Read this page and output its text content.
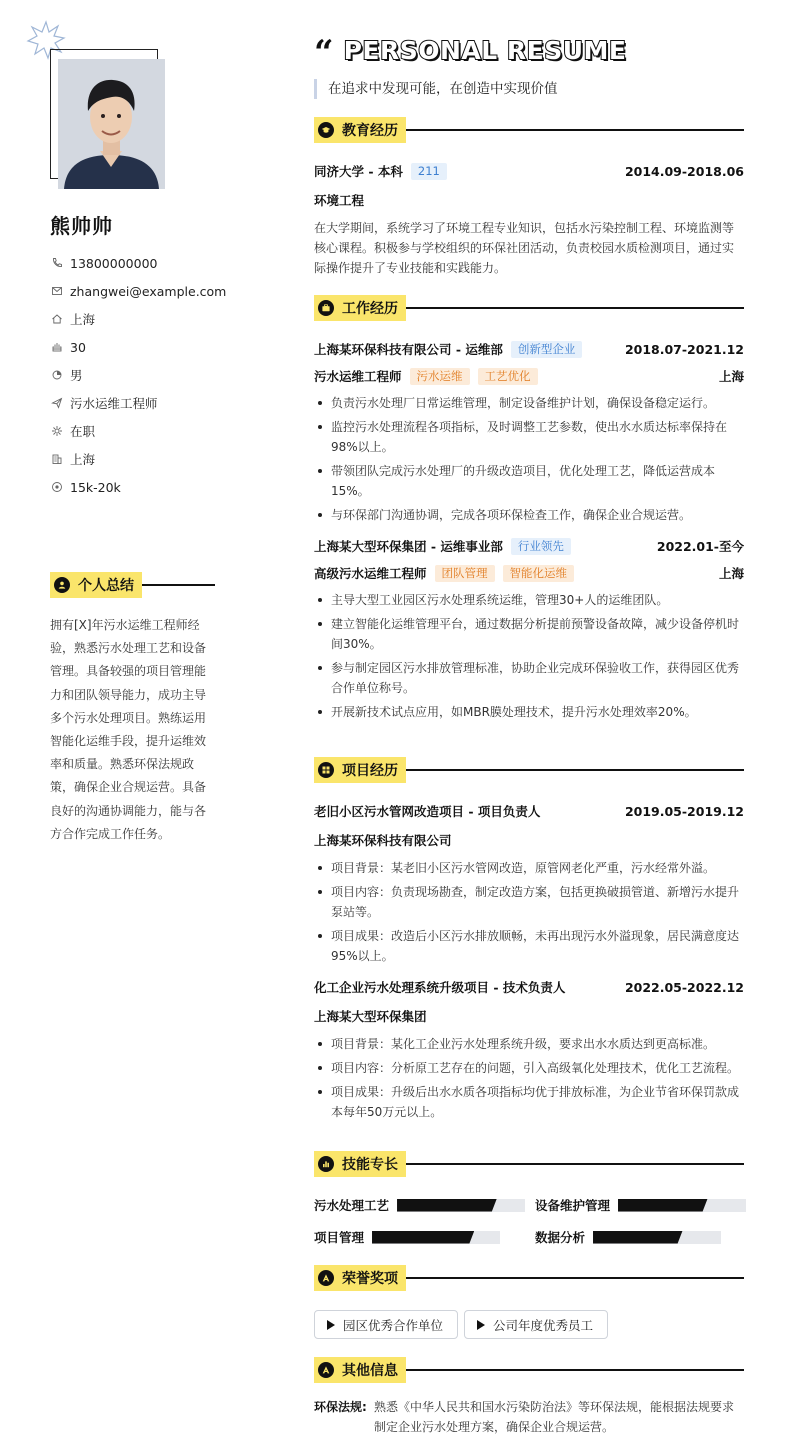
熊帅帅
13800000000
zhangwei@example.com
上海
30
男
污水运维工程师
在职
上海
15k-20k
个人总结
拥有[X]年污水运维工程师经验，熟悉污水处理工艺和设备管理。具备较强的项目管理能力和团队领导能力，成功主导多个污水处理项目。熟练运用智能化运维手段，提升运维效率和质量。熟悉环保法规政策，确保企业合规运营。具备良好的沟通协调能力，能与各方合作完成工作任务。
“ PERSONAL RESUME
在追求中发现可能，在创造中实现价值
教育经历
同济大学 - 本科	211	2014.09-2018.06
环境工程
在大学期间，系统学习了环境工程专业知识，包括水污染控制工程、环境监测等核心课程。积极参与学校组织的环保社团活动，负责校园水质检测项目，通过实际操作提升了专业技能和实践能力。
工作经历
上海某环保科技有限公司 - 运维部	创新型企业	2018.07-2021.12
污水运维工程师	污水运维	工艺优化	上海
负责污水处理厂日常运维管理，制定设备维护计划，确保设备稳定运行。
监控污水处理流程各项指标，及时调整工艺参数，使出水水质达标率保持在98%以上。
带领团队完成污水处理厂的升级改造项目，优化处理工艺，降低运营成本15%。
与环保部门沟通协调，完成各项环保检查工作，确保企业合规运营。
上海某大型环保集团 - 运维事业部	行业领先	2022.01-至今
高级污水运维工程师	团队管理	智能化运维	上海
主导大型工业园区污水处理系统运维，管理30+人的运维团队。
建立智能化运维管理平台，通过数据分析提前预警设备故障，减少设备停机时间30%。
参与制定园区污水排放管理标准，协助企业完成环保验收工作，获得园区优秀合作单位称号。
开展新技术试点应用，如MBR膜处理技术，提升污水处理效率20%。
项目经历
老旧小区污水管网改造项目 - 项目负责人	2019.05-2019.12
上海某环保科技有限公司
项目背景：某老旧小区污水管网改造，原管网老化严重，污水经常外溢。
项目内容：负责现场勘查，制定改造方案，包括更换破损管道、新增污水提升泵站等。
项目成果：改造后小区污水排放顺畅，未再出现污水外溢现象，居民满意度达95%以上。
化工企业污水处理系统升级项目 - 技术负责人	2022.05-2022.12
上海某大型环保集团
项目背景：某化工企业污水处理系统升级，要求出水水质达到更高标准。
项目内容：分析原工艺存在的问题，引入高级氧化处理技术，优化工艺流程。
项目成果：升级后出水水质各项指标均优于排放标准，为企业节省环保罚款成本每年50万元以上。
技能专长
污水处理工艺	设备维护管理
项目管理	数据分析
荣誉奖项
园区优秀合作单位	公司年度优秀员工
其他信息
环保法规: 熟悉《中华人民共和国水污染防治法》等环保法规，能根据法规要求制定企业污水处理方案，确保企业合规运营。
